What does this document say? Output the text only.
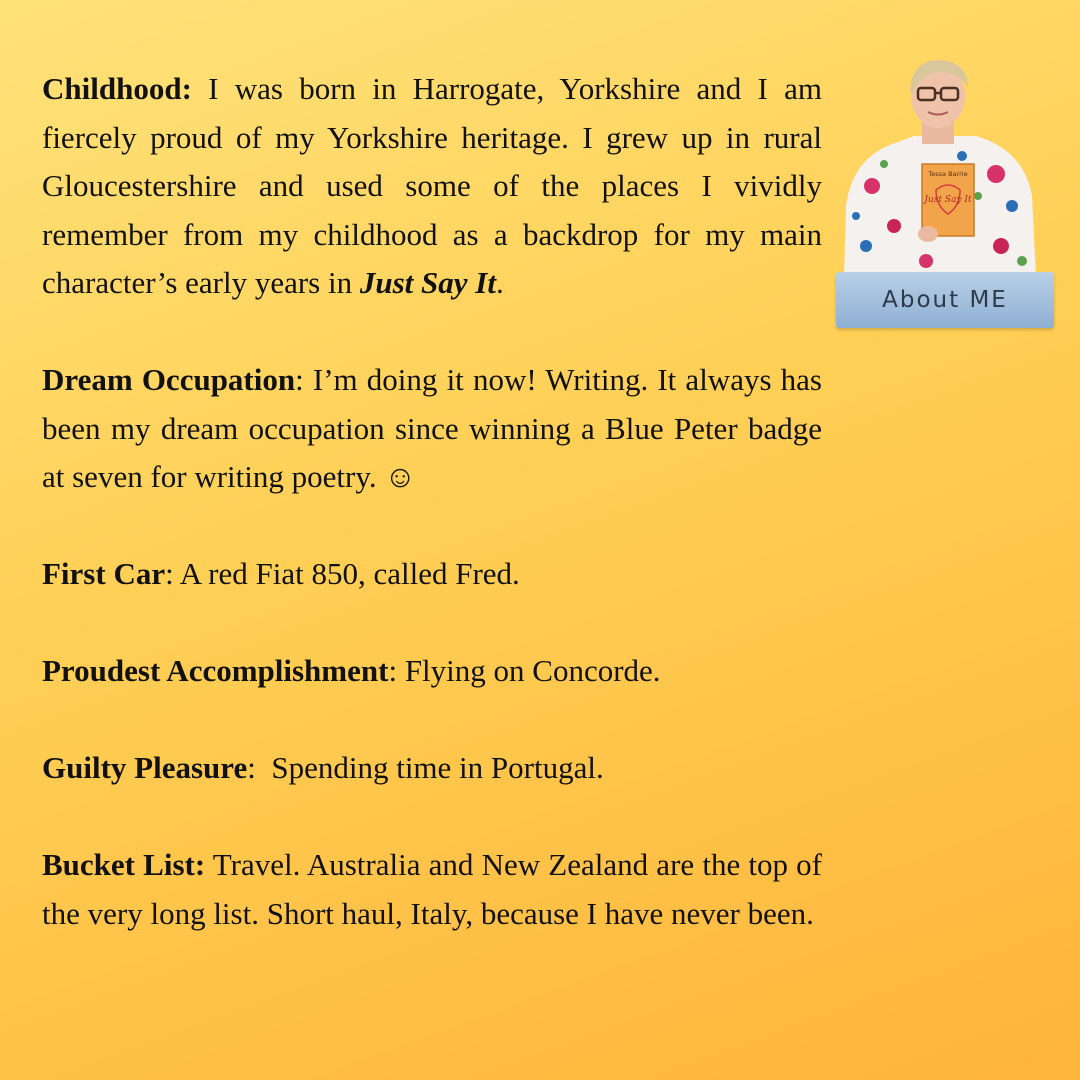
Childhood: I was born in Harrogate, Yorkshire and I am fiercely proud of my Yorkshire heritage. I grew up in rural Gloucestershire and used some of the places I vividly remember from my childhood as a backdrop for my main character’s early years in Just Say It.

Dream Occupation: I’m doing it now! Writing. It always has been my dream occupation since winning a Blue Peter badge at seven for writing poetry. ☺

First Car: A red Fiat 850, called Fred.

Proudest Accomplishment: Flying on Concorde.

Guilty Pleasure:  Spending time in Portugal.

Bucket List: Travel. Australia and New Zealand are the top of the very long list. Short haul, Italy, because I have never been.

Tessa Barrie
Just Say It
About ME
